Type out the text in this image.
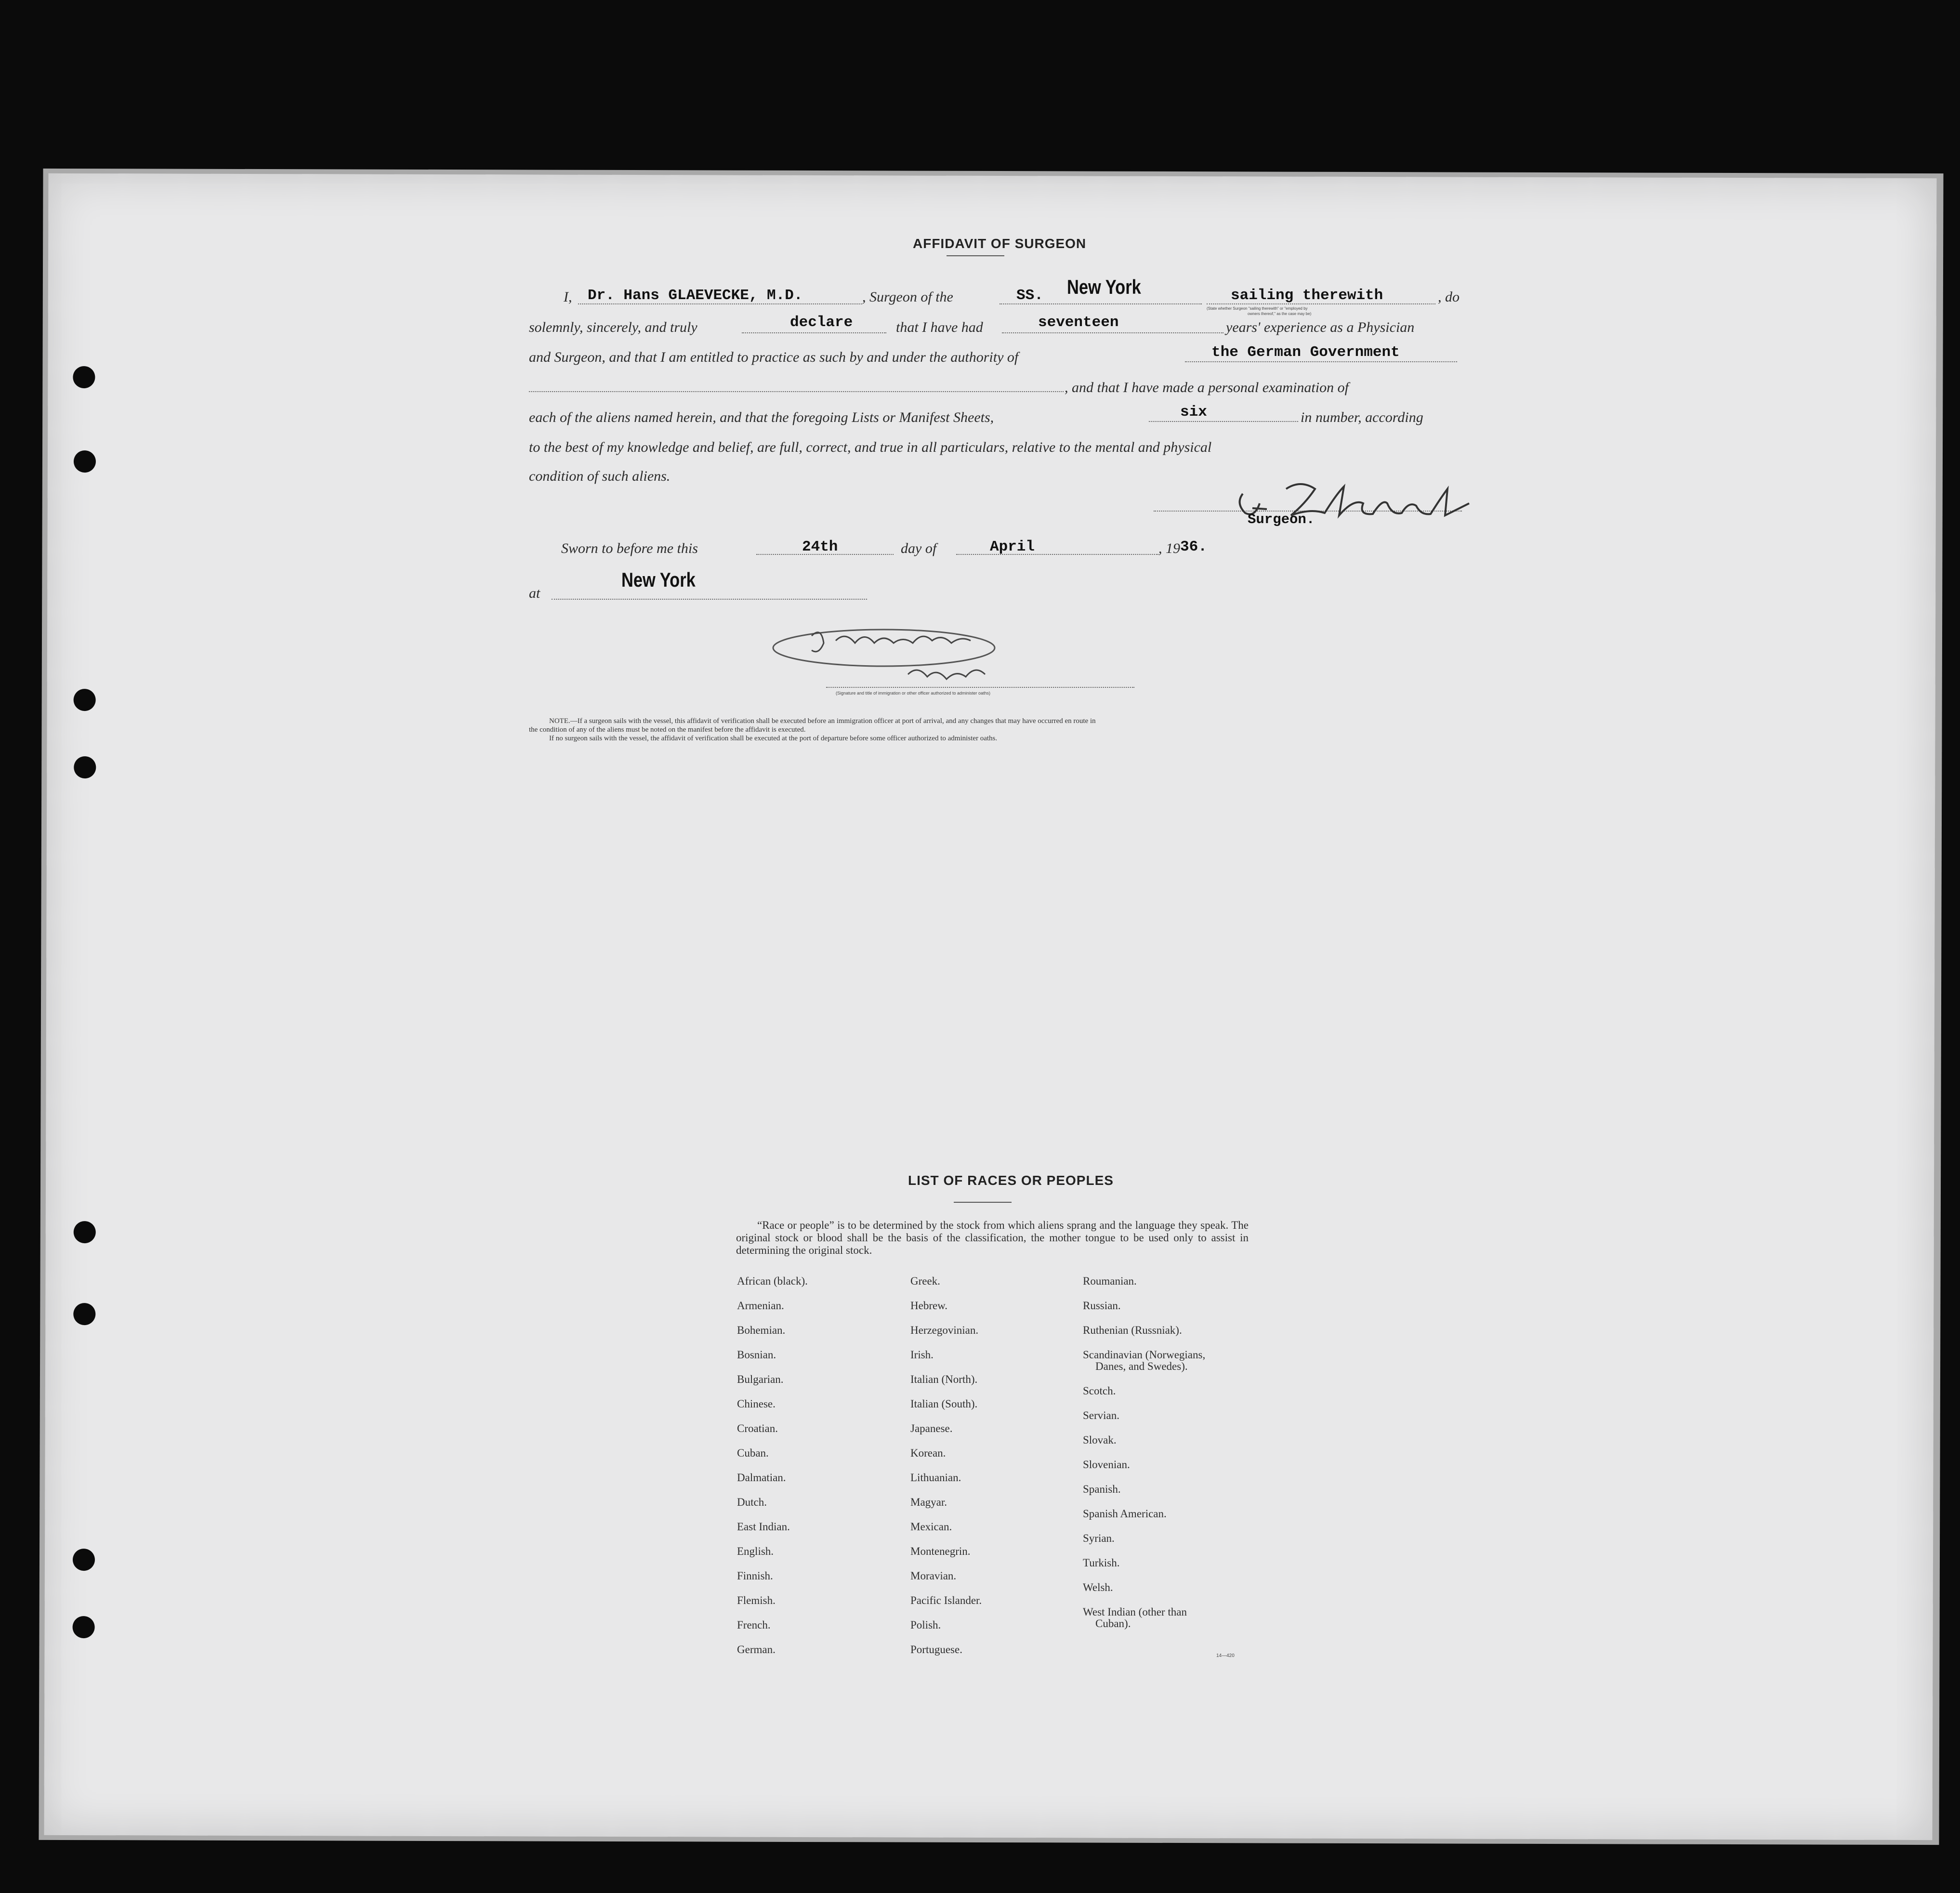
AFFIDAVIT OF SURGEON
I, Dr. Hans GLAEVECKE, M.D.	, Surgeon of the	SS. New York	sailing therewith	, do
(State whether Surgeon "sailing therewith" or "employed by
owners thereof," as the case may be)
solemnly, sincerely, and truly	declare	that I have had	seventeen	years' experience as a Physician
and Surgeon, and that I am entitled to practice as such by and under the authority of	the German Government
, and that I have made a personal examination of
each of the aliens named herein, and that the foregoing Lists or Manifest Sheets,	six	in number, according
to the best of my knowledge and belief, are full, correct, and true in all particulars, relative to the mental and physical
condition of such aliens.
Surgeon.
Sworn to before me this	24th	day of	April	, 19 36.
at
New York
(Signature and title of immigration or other officer authorized to administer oaths)
NOTE.—If a surgeon sails with the vessel, this affidavit of verification shall be executed before an immigration officer at port of arrival, and any changes that may have occurred en route in
the condition of any of the aliens must be noted on the manifest before the affidavit is executed.
If no surgeon sails with the vessel, the affidavit of verification shall be executed at the port of departure before some officer authorized to administer oaths.
LIST OF RACES OR PEOPLES
“Race or people” is to be determined by the stock from which aliens sprang and the language they speak. The original stock or blood shall be the basis of the classification, the mother tongue to be used only to assist in determining the original stock.
African (black).
Armenian.
Bohemian.
Bosnian.
Bulgarian.
Chinese.
Croatian.
Cuban.
Dalmatian.
Dutch.
East Indian.
English.
Finnish.
Flemish.
French.
German.
Greek.
Hebrew.
Herzegovinian.
Irish.
Italian (North).
Italian (South).
Japanese.
Korean.
Lithuanian.
Magyar.
Mexican.
Montenegrin.
Moravian.
Pacific Islander.
Polish.
Portuguese.
Roumanian.
Russian.
Ruthenian (Russniak).
Scandinavian (Norwegians,
Danes, and Swedes).
Scotch.
Servian.
Slovak.
Slovenian.
Spanish.
Spanish American.
Syrian.
Turkish.
Welsh.
West Indian (other than
Cuban).
14—420
